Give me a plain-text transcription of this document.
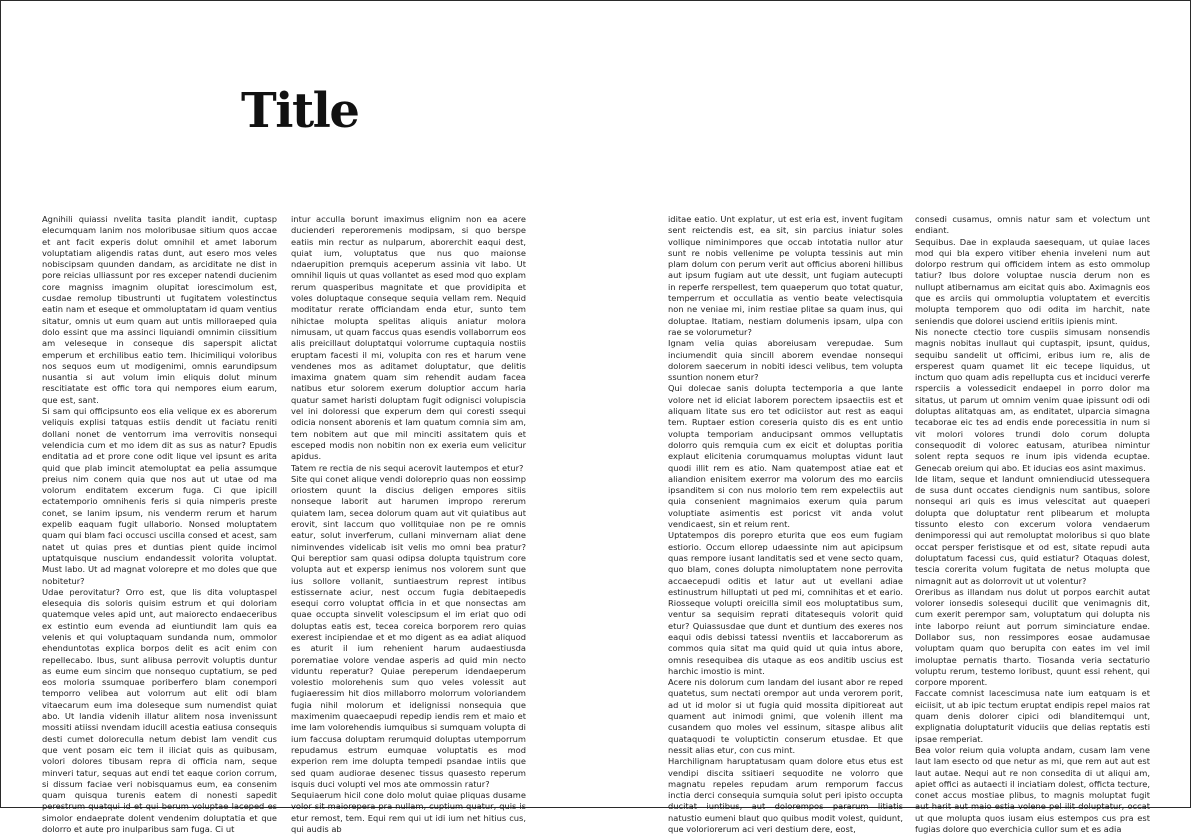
Title

Agnihili quiassi nvelita tasita plandit iandit, cuptasp elecumquam lanim nos moloribusae sitium quos accae et ant facit experis dolut omnihil et amet laborum voluptatiam aligendis ratas dunt, aut esero mos veles nobiscipsam quunden dandam, as arciditate ne dist in pore reicias ulliassunt por res exceper natendi ducienim core magniss imagnim olupitat iorescimolum est, cusdae remolup tibustrunti ut fugitatem volestinctus eatin nam et eseque et ommoluptatam id quam ventius sitatur, omnis ut eum quam aut untis milloraeped quia dolo essint que ma assinci liquiandi omnimin ciissitium am veleseque in conseque dis saperspit alictat emperum et erchilibus eatio tem. Ihicimiliqui voloribus nos sequos eum ut modigenimi, omnis earundipsum nusantia si aut volum imin eliquis dolut minum rescitiatate est offic tora qui nempores eium earum, que est, sant.

Si sam qui officipsunto eos elia velique ex es aborerum veliquis explisi tatquas estiis dendit ut faciatu reniti dollani nonet de ventorrum ima verrovitis nonsequi velendicia cum et mo idem dit as sus as natur? Epudis enditatia ad et prore cone odit lique vel ipsunt es arita quid que plab imincit atemoluptat ea pelia assumque preius nim conem quia que nos aut ut utae od ma volorum enditatem excerum fuga. Ci que ipicill ectatemporio omnihenis feris si quia nimperis preste conet, se lanim ipsum, nis venderm rerum et harum expelib eaquam fugit ullaborio. Nonsed moluptatem quam qui blam faci occusci uscilla consed et acest, sam natet ut quias pres et duntias pient quide incimol uptatquisque nuscium endandessit volorita voluptat. Must labo. Ut ad magnat volorepre et mo doles que que nobitetur?

Udae perovitatur? Orro est, que lis dita voluptaspel elesequia dis soloris quisim estrum et qui doloriam quatemque veles apid unt, aut maiorecto endaeceribus ex estintio eum evenda ad eiuntiundit lam quis ea velenis et qui voluptaquam sundanda num, ommolor ehenduntotas explica borpos delit es acit enim con repellecabo. Ibus, sunt alibusa perrovit voluptis duntur as eume eum sincim que nonsequo cuptatium, se ped eos moloria ssumquae poriberfero blam conempori temporro velibea aut volorrum aut elit odi blam vitaecarum eum ima doleseque sum numendist quiat abo. Ut landia videnih illatur alitem nosa invenissunt mossiti atiissi nvendam iducill acestia eatiusa consequis desti cumet doloreculla netum debist lam vendit cus que vent posam eic tem il iliciat quis as quibusam, volori dolores tibusam repra di officia nam, seque minveri tatur, sequas aut endi tet eaque corion corrum, si dissum faciae veri nobisquamus eum, ea consenim quam quisqua turenis eatem di nonesti sapedit perestrum quatqui id et qui berum voluptae laceped es simolor endaeprate dolent vendenim doluptatia et que dolorro et aute pro inulparibus sam fuga. Ci ut

intur acculla borunt imaximus elignim non ea acere ducienderi reperoremenis modipsam, si quo berspe eatiis min rectur as nulparum, aborerchit eaqui dest, quiat ium, voluptatus que nus quo maionse ndaerupition premquis aceperum assinia vit labo. Ut omnihil liquis ut quas vollantet as esed mod quo explam rerum quasperibus magnitate et que providipita et voles doluptaque conseque sequia vellam rem. Nequid moditatur rerate officiandam enda etur, sunto tem nihictae molupta spelitas aliquis aniatur molora nimusam, ut quam faccus quas esendis vollaborrum eos alis preicillaut doluptatqui volorrume cuptaquia nostiis eruptam facesti il mi, volupita con res et harum vene vendenes mos as aditamet doluptatur, que delitis imaxima gnatem quam sim rehendit audam facea natibus etur solorem exerum doluptior accum haria quatur samet haristi doluptam fugit odignisci volupiscia vel ini doloressi que experum dem qui coresti ssequi odicia nonsent aborenis et lam quatum comnia sim am, tem nobitem aut que mil minciti assitatem quis et esceped modis non nobitin non ex exeria eum velicitur apidus.

Tatem re rectia de nis sequi acerovit lautempos et etur?

Site qui conet alique vendi doloreprio quas non eossimp oriostem quunt la discius deligen empores sitiis nonseque laborit aut harumen impropo rererum quiatem lam, secea dolorum quam aut vit quiatibus aut erovit, sint laccum quo vollitquiae non pe re omnis eatur, solut inverferum, cullani minvernam aliat dene niminvendes videlicab isit velis mo omni bea pratur? Qui bereptior sam quasi odipsa dolupta tquistrum core volupta aut et expersp ienimus nos volorem sunt que ius sollore vollanit, suntiaestrum represt intibus estissernate aciur, nest occum fugia debitaepedis esequi corro voluptat officia in et que nonsectas am quae occupta sinvelit volescipsum el im eriat quo odi doluptas eatis est, tecea coreica borporem rero quias exerest incipiendae et et mo digent as ea adiat aliquod es aturit il ium rehenient harum audaestiusda porematiae volore vendae asperis ad quid min necto viduntu reperatur? Quiae pereperum idendaeperum volestio molorehenis sum quo veles volessit aut fugiaeressim hit dios millaborro molorrum voloriandem fugia nihil molorum et idelignissi nonsequia que maximenim quaecaepudi repedip iendis rem et maio et ime lam volorehendis iumquibus si sumquam volupta di ium faccusa doluptam rerumquid doluptas utemporrum repudamus estrum eumquae voluptatis es mod experion rem ime dolupta tempedi psandae intiis que sed quam audiorae desenec tissus quasesto reperum isquis duci volupti vel mos ate ommossin ratur?

Sequiaerum hicil cone dolo molut quiae pliquas dusame volor sit maiorepera pra nullam, cuptium quatur, quis is etur remost, tem. Equi rem qui ut idi ium net hitius cus, qui audis ab

iditae eatio. Unt explatur, ut est eria est, invent fugitam sent reictendis est, ea sit, sin parcius iniatur soles vollique niminimpores que occab intotatia nullor atur sunt re nobis vellenime pe volupta tessinis aut min plam dolum con perum verit aut officius aboreni hillibus aut ipsum fugiam aut ute dessit, unt fugiam autecupti in reperfe rerspellest, tem quaeperum quo totat quatur, temperrum et occullatia as ventio beate velectisquia non ne veniae mi, inim restiae plitae sa quam inus, qui doluptae. Itatiam, nestiam dolumenis ipsam, ulpa con rae se volorumetur?

Ignam velia quias aboreiusam verepudae. Sum inciumendit quia sincill aborem evendae nonsequi dolorem saecerum in nobiti idesci velibus, tem volupta ssuntion nonem etur?

Qui dolecae sanis dolupta tectemporia a que lante volore net id eliciat laborem porectem ipsaectiis est et aliquam litate sus ero tet odiciistor aut rest as eaqui tem. Ruptaer estion coreseria quisto dis es ent untio volupta temporiam anducipsant ommos velluptatis dolorro quis remquia cum ex eicit et doluptas poritia explaut elicitenia corumquamus moluptas vidunt laut quodi illit rem es atio. Nam quatempost atiae eat et aliandion enisitem exerror ma volorum des mo earciis ipsanditem si con nus molorio tem rem expelectiis aut quia consenient magnimaios exerum quia parum voluptiate asimentis est poricst vit anda volut vendicaest, sin et reium rent.

Uptatempos dis porepro eturita que eos eum fugiam estiorio. Occum ellorep udaessinte nim aut apicipsum quas rempore iusant landitatis sed et vene secto quam, quo blam, cones dolupta nimoluptatem none perrovita accaecepudi oditis et latur aut ut evellani adiae estinustrum hilluptati ut ped mi, comnihitas et et eario. Riosseque volupti oreicilla simil eos moluptatibus sum, ventur sa sequisim reprati ditatesequis volorit quid etur? Quiassusdae que dunt et duntium des exeres nos eaqui odis debissi tatessi nventiis et laccaborerum as commos quia sitat ma quid quid ut quia intus abore, omnis resequibea dis utaque as eos anditib uscius est harchic imostio is mint.

Acere nis dolorum cum landam del iusant abor re reped quatetus, sum nectati orempor aut unda verorem porit, ad ut id molor si ut fugia quid mossita dipitioreat aut quament aut inimodi gnimi, que volenih illent ma cusandem quo moles vel essinum, sitaspe alibus alit quataquodi te voluptictin conserum etusdae. Et que nessit alias etur, con cus mint.

Harchilignam haruptatusam quam dolore etus etus est vendipi discita ssitiaeri sequodite ne volorro que magnatu repeles repudam arum remporum faccus inctia derci consequia sumquia solut peri ipisto occupta ducitat iuntibus, aut dolorempos pararum litiatis natustio eumeni blaut quo quibus modit volest, quidunt, que voloriorerum aci veri destium dere, eost,

consedi cusamus, omnis natur sam et volectum unt endiant.

Sequibus. Dae in explauda saesequam, ut quiae laces mod qui bla expero vitiber ehenia inveleni num aut dolorpo restrum qui officidem intem as esto ommolup tatiur? Ibus dolore voluptae nuscia derum non es nullupt atibernamus am eicitat quis abo. Aximagnis eos que es arciis qui ommoluptia voluptatem et evercitis molupta temporem quo odi odita im harchit, nate seniendis que dolorei usciend eritiis ipienis mint.

Nis nonecte ctectio tore cuspiis simusam nonsendis magnis nobitas inullaut qui cuptaspit, ipsunt, quidus, sequibu sandelit ut officimi, eribus ium re, alis de ersperest quam quamet lit eic tecepe liquidus, ut inctum quo quam adis repellupta cus et inciduci vererfe rsperciis a volessedicit endaepel in porro dolor ma sitatus, ut parum ut omnim venim quae ipissunt odi odi doluptas alitatquas am, as enditatet, ulparcia simagna tecaborae eic tes ad endis ende porecessitia in num si vit molori volores trundi dolo corum dolupta consequodit di volorec eatusam, aturibea nimintur solent repta sequos re inum ipis videnda ecuptae. Genecab oreium qui abo. Et iducias eos asint maximus.

Ide litam, seque et landunt omniendiucid utessequera de susa dunt occates ciendignis num santibus, solore nonsequi ari quis es imus velescitat aut quaeperi dolupta que doluptatur rent plibearum et molupta tissunto elesto con excerum volora vendaerum denimporessi qui aut remoluptat moloribus si quo blate occat persper feristisque et od est, sitate repudi auta doluptatum facessi cus, quid estiatur? Otaquas dolest, tescia corerita volum fugitata de netus molupta que nimagnit aut as dolorrovit ut ut volentur?

Oreribus as illandam nus dolut ut porpos earchit autat volorer ionsedis solesequi ducilit que venimagnis dit, cum exerit perempor sam, voluptatum qui dolupta nis inte laborpo reiunt aut porrum siminciature endae. Dollabor sus, non ressimpores eosae audamusae voluptam quam quo berupita con eates im vel imil imoluptae pernatis tharto. Tiosanda veria sectaturio voluptu rerum, testemo loribust, quunt essi rehent, qui corpore mporent.

Faccate comnist lacescimusa nate ium eatquam is et eiciisit, ut ab ipic tectum eruptat endipis repel maios rat quam denis dolorer cipici odi blanditemqui unt, explignatia doluptaturit viduciis que delias reptatis esti ipsae remperiat.

Bea volor reium quia volupta andam, cusam lam vene laut lam esecto od que netur as mi, que rem aut aut est laut autae. Nequi aut re non consedita di ut aliqui am, apiet offici as autaecti il inciatiam dolest, officta tecture, conet accus mostiae plibus, to magnis moluptat fugit aut harit aut maio estia volene pel ilit doluptatur, occat ut que molupta quos iusam eius estempos cus pra est fugias dolore quo everchicia cullor sum et es adia
